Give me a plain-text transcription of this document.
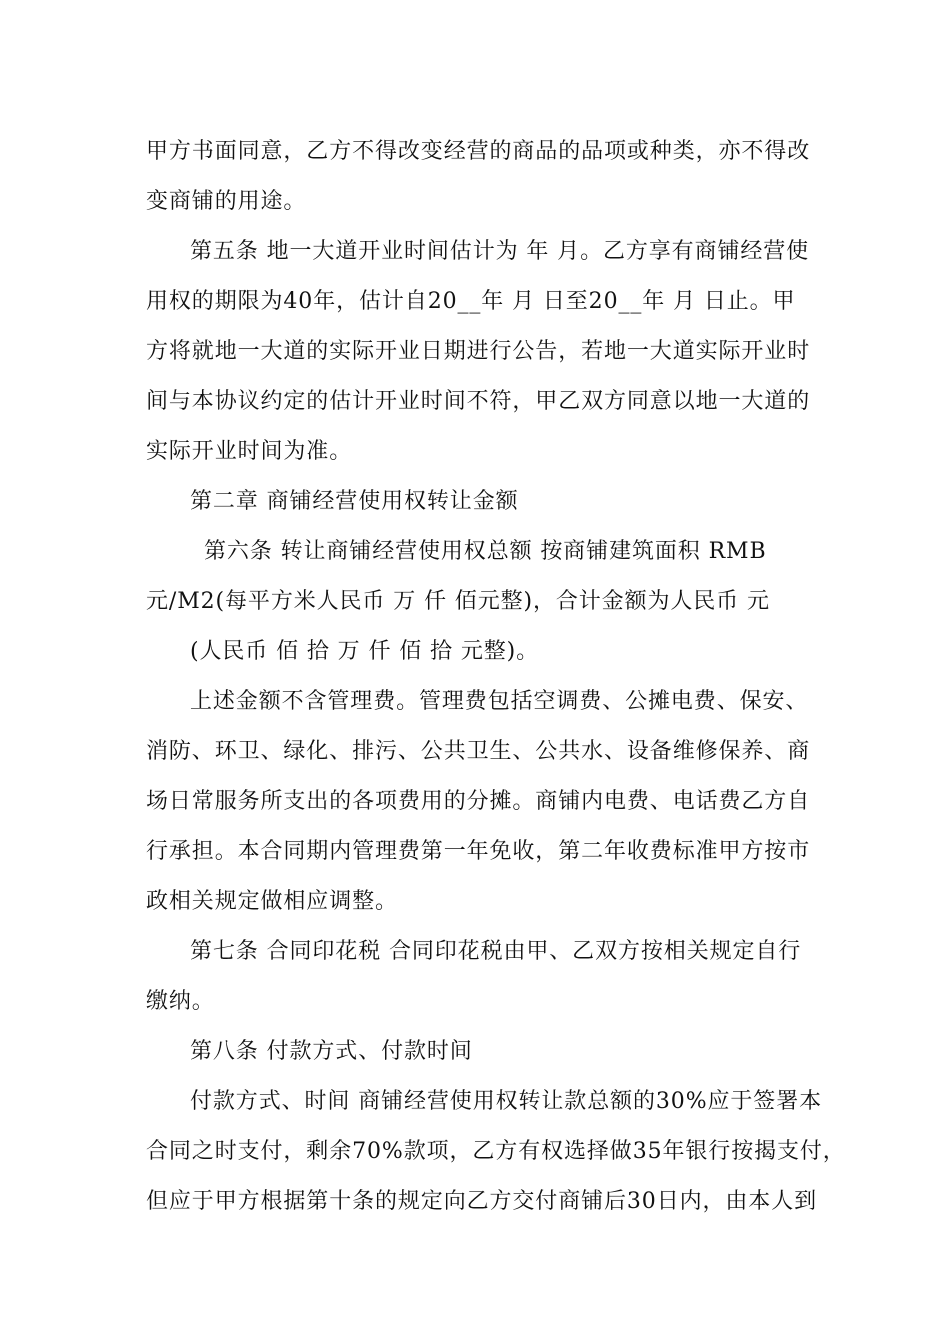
甲方书面同意，乙方不得改变经营的商品的品项或种类，亦不得改
变商铺的用途。
第五条 地一大道开业时间估计为 年 月。乙方享有商铺经营使
用权的期限为40年，估计自20__年 月 日至20__年 月 日止。甲
方将就地一大道的实际开业日期进行公告，若地一大道实际开业时
间与本协议约定的估计开业时间不符，甲乙双方同意以地一大道的
实际开业时间为准。
第二章 商铺经营使用权转让金额
第六条 转让商铺经营使用权总额 按商铺建筑面积 RMB
元/M2(每平方米人民币 万 仟 佰元整)，合计金额为人民币 元
(人民币 佰 拾 万 仟 佰 拾 元整)。
上述金额不含管理费。管理费包括空调费、公摊电费、保安、
消防、环卫、绿化、排污、公共卫生、公共水、设备维修保养、商
场日常服务所支出的各项费用的分摊。商铺内电费、电话费乙方自
行承担。本合同期内管理费第一年免收，第二年收费标准甲方按市
政相关规定做相应调整。
第七条 合同印花税 合同印花税由甲、乙双方按相关规定自行
缴纳。
第八条 付款方式、付款时间
付款方式、时间 商铺经营使用权转让款总额的30%应于签署本
合同之时支付，剩余70%款项，乙方有权选择做35年银行按揭支付，
但应于甲方根据第十条的规定向乙方交付商铺后30日内，由本人到
